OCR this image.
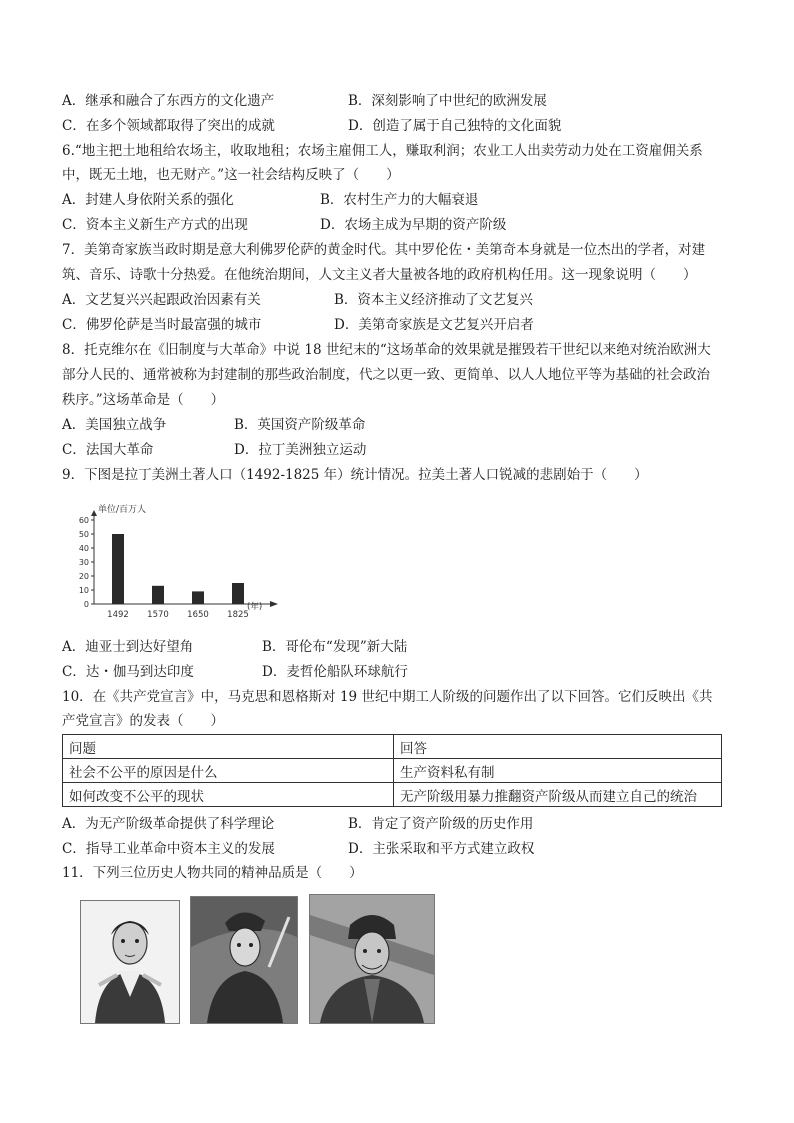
A．继承和融合了东西方的文化遗产	B．深刻影响了中世纪的欧洲发展
C．在多个领域都取得了突出的成就	D．创造了属于自己独特的文化面貌
6.“地主把土地租给农场主，收取地租；农场主雇佣工人，赚取利润；农业工人出卖劳动力处在工资雇佣关系
中，既无土地，也无财产。”这一社会结构反映了（　　）
A．封建人身依附关系的强化	B．农村生产力的大幅衰退
C．资本主义新生产方式的出现	D．农场主成为早期的资产阶级
7．美第奇家族当政时期是意大利佛罗伦萨的黄金时代。其中罗伦佐・美第奇本身就是一位杰出的学者，对建
筑、音乐、诗歌十分热爱。在他统治期间，人文主义者大量被各地的政府机构任用。这一现象说明（　　）
A．文艺复兴兴起跟政治因素有关	B．资本主义经济推动了文艺复兴
C．佛罗伦萨是当时最富强的城市	D．美第奇家族是文艺复兴开启者
8．托克维尔在《旧制度与大革命》中说 18 世纪末的“这场革命的效果就是摧毁若干世纪以来绝对统治欧洲大
部分人民的、通常被称为封建制的那些政治制度，代之以更一致、更简单、以人人地位平等为基础的社会政治
秩序。”这场革命是（　　）
A．美国独立战争	B．英国资产阶级革命
C．法国大革命	D．拉丁美洲独立运动
9．下图是拉丁美洲土著人口（1492-1825 年）统计情况。拉美土著人口锐减的悲剧始于（　　）
0
10
20
30
40
50
60
单位/百万人
1492 1570 1650 1825
(年)
A．迪亚士到达好望角	B．哥伦布“发现”新大陆
C．达・伽马到达印度	D．麦哲伦船队环球航行
10．在《共产党宣言》中，马克思和恩格斯对 19 世纪中期工人阶级的问题作出了以下回答。它们反映出《共
产党宣言》的发表（　　）
问题	回答
社会不公平的原因是什么	生产资料私有制
如何改变不公平的现状	无产阶级用暴力推翻资产阶级从而建立自己的统治
A．为无产阶级革命提供了科学理论	B．肯定了资产阶级的历史作用
C．指导工业革命中资本主义的发展	D．主张采取和平方式建立政权
11．下列三位历史人物共同的精神品质是（　　）
